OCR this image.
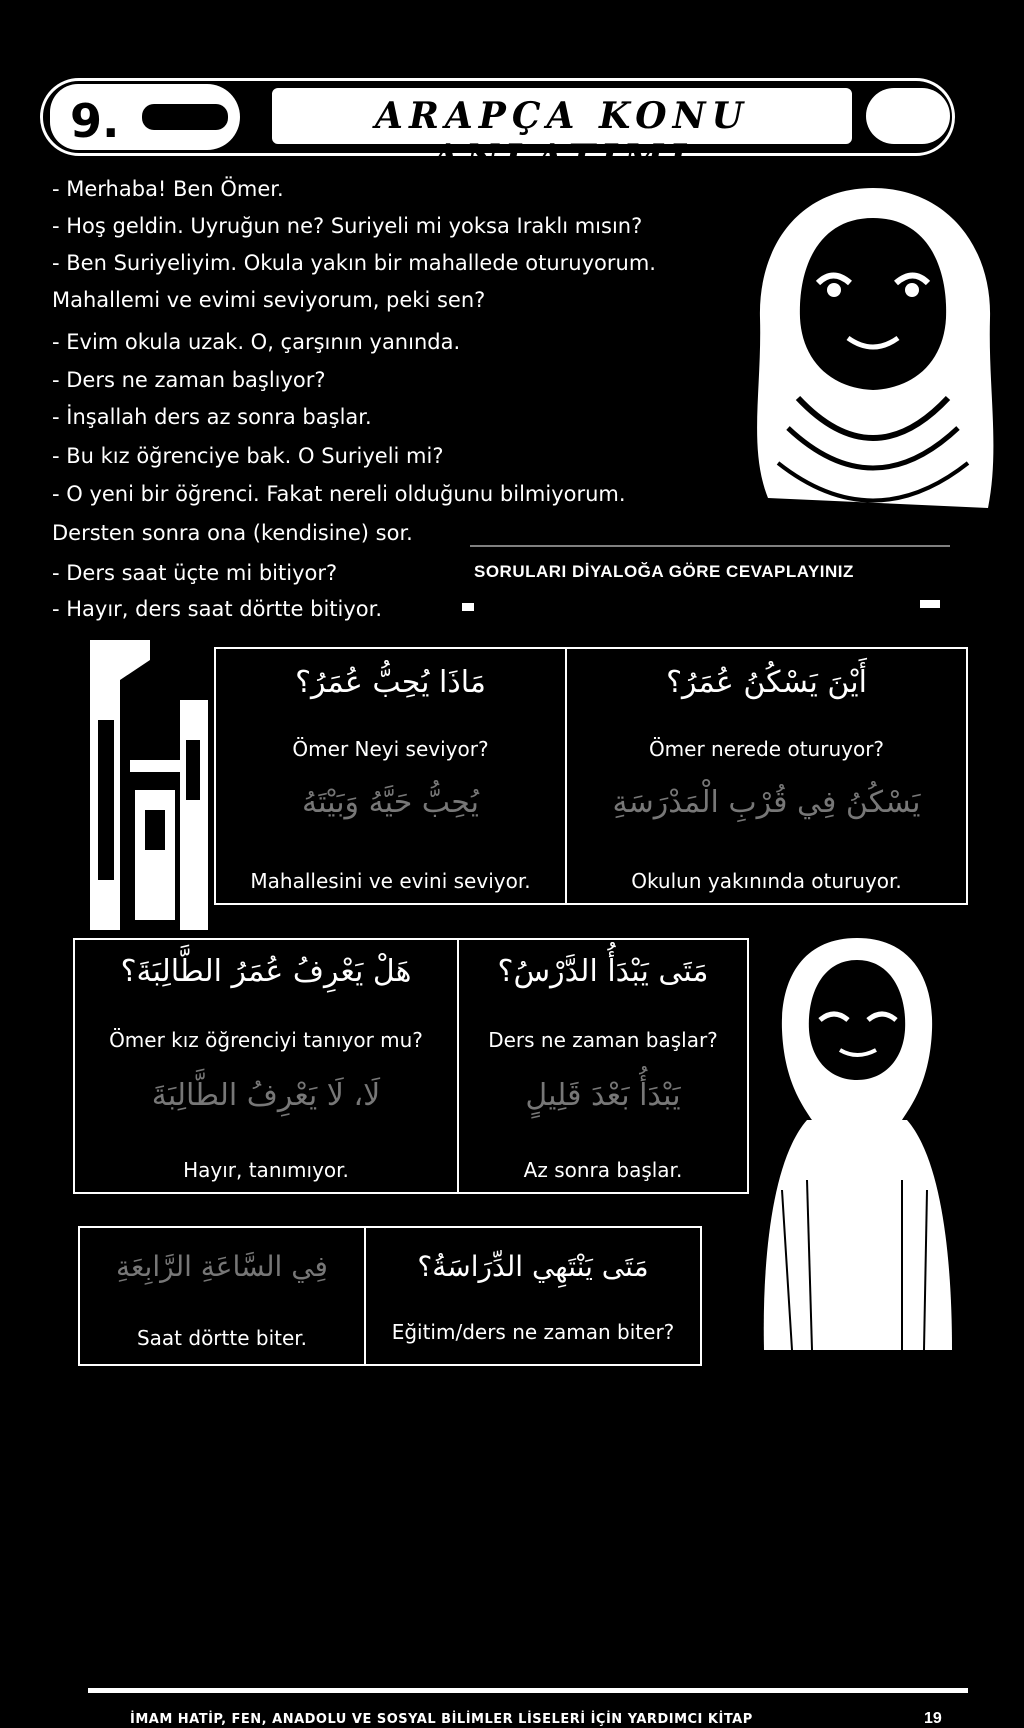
9.	ARAPÇA KONU ANLATIMI
- Merhaba! Ben Ömer.
- Hoş geldin. Uyruğun ne? Suriyeli mi yoksa Iraklı mısın?
- Ben Suriyeliyim. Okula yakın bir mahallede oturuyorum.
Mahallemi ve evimi seviyorum, peki sen?
- Evim okula uzak. O, çarşının yanında.
- Ders ne zaman başlıyor?
- İnşallah ders az sonra başlar.
- Bu kız öğrenciye bak. O Suriyeli mi?
- O yeni bir öğrenci. Fakat nereli olduğunu bilmiyorum.
Dersten sonra ona (kendisine) sor.
- Ders saat üçte mi bitiyor?
- Hayır, ders saat dörtte bitiyor.
SORULARI DİYALOĞA GÖRE CEVAPLAYINIZ
مَاذَا يُحِبُّ عُمَرُ؟
Ömer Neyi seviyor?
يُحِبُّ حَيَّهُ وَبَيْتَهُ
Mahallesini ve evini seviyor.
أَيْنَ يَسْكُنُ عُمَرُ؟
Ömer nerede oturuyor?
يَسْكُنُ فِي قُرْبِ الْمَدْرَسَةِ
Okulun yakınında oturuyor.
هَلْ يَعْرِفُ عُمَرُ الطَّالِبَةَ؟
Ömer kız öğrenciyi tanıyor mu?
لَا، لَا يَعْرِفُ الطَّالِبَةَ
Hayır, tanımıyor.
مَتَى يَبْدَأُ الدَّرْسُ؟
Ders ne zaman başlar?
يَبْدَأُ بَعْدَ قَلِيلٍ
Az sonra başlar.
فِي السَّاعَةِ الرَّابِعَةِ
Saat dörtte biter.
مَتَى يَنْتَهِي الدِّرَاسَةُ؟
Eğitim/ders ne zaman biter?
İMAM HATİP, FEN, ANADOLU VE SOSYAL BİLİMLER LİSELERİ İÇİN YARDIMCI KİTAP	19
